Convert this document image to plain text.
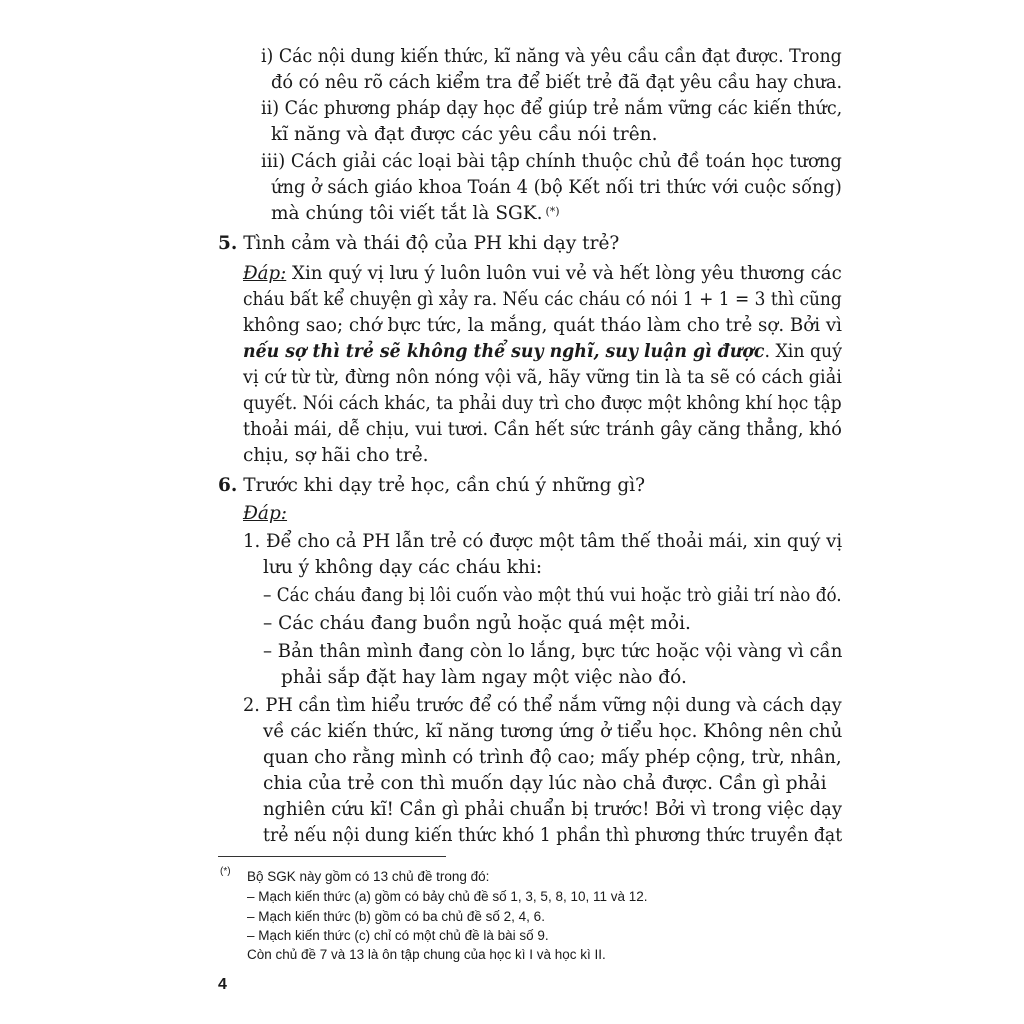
i) Các nội dung kiến thức, kĩ năng và yêu cầu cần đạt được. Trong
đó có nêu rõ cách kiểm tra để biết trẻ đã đạt yêu cầu hay chưa.
ii) Các phương pháp dạy học để giúp trẻ nắm vững các kiến thức,
kĩ năng và đạt được các yêu cầu nói trên.
iii) Cách giải các loại bài tập chính thuộc chủ đề toán học tương
ứng ở sách giáo khoa Toán 4 (bộ Kết nối tri thức với cuộc sống)
mà chúng tôi viết tắt là SGK. (*)
5. Tình cảm và thái độ của PH khi dạy trẻ?
Đáp: Xin quý vị lưu ý luôn luôn vui vẻ và hết lòng yêu thương các
cháu bất kể chuyện gì xảy ra. Nếu các cháu có nói 1 + 1 = 3 thì cũng
không sao; chớ bực tức, la mắng, quát tháo làm cho trẻ sợ. Bởi vì
nếu sợ thì trẻ sẽ không thể suy nghĩ, suy luận gì được. Xin quý
vị cứ từ từ, đừng nôn nóng vội vã, hãy vững tin là ta sẽ có cách giải
quyết. Nói cách khác, ta phải duy trì cho được một không khí học tập
thoải mái, dễ chịu, vui tươi. Cần hết sức tránh gây căng thẳng, khó
chịu, sợ hãi cho trẻ.
6. Trước khi dạy trẻ học, cần chú ý những gì?
Đáp:
1. Để cho cả PH lẫn trẻ có được một tâm thế thoải mái, xin quý vị
lưu ý không dạy các cháu khi:
– Các cháu đang bị lôi cuốn vào một thú vui hoặc trò giải trí nào đó.
– Các cháu đang buồn ngủ hoặc quá mệt mỏi.
– Bản thân mình đang còn lo lắng, bực tức hoặc vội vàng vì cần
phải sắp đặt hay làm ngay một việc nào đó.
2. PH cần tìm hiểu trước để có thể nắm vững nội dung và cách dạy
về các kiến thức, kĩ năng tương ứng ở tiểu học. Không nên chủ
quan cho rằng mình có trình độ cao; mấy phép cộng, trừ, nhân,
chia của trẻ con thì muốn dạy lúc nào chả được. Cần gì phải
nghiên cứu kĩ! Cần gì phải chuẩn bị trước! Bởi vì trong việc dạy
trẻ nếu nội dung kiến thức khó 1 phần thì phương thức truyền đạt
(*) Bộ SGK này gồm có 13 chủ đề trong đó:
– Mạch kiến thức (a) gồm có bảy chủ đề số 1, 3, 5, 8, 10, 11 và 12.
– Mạch kiến thức (b) gồm có ba chủ đề số 2, 4, 6.
– Mạch kiến thức (c) chỉ có một chủ đề là bài số 9.
Còn chủ đề 7 và 13 là ôn tập chung của học kì I và học kì II.
4
